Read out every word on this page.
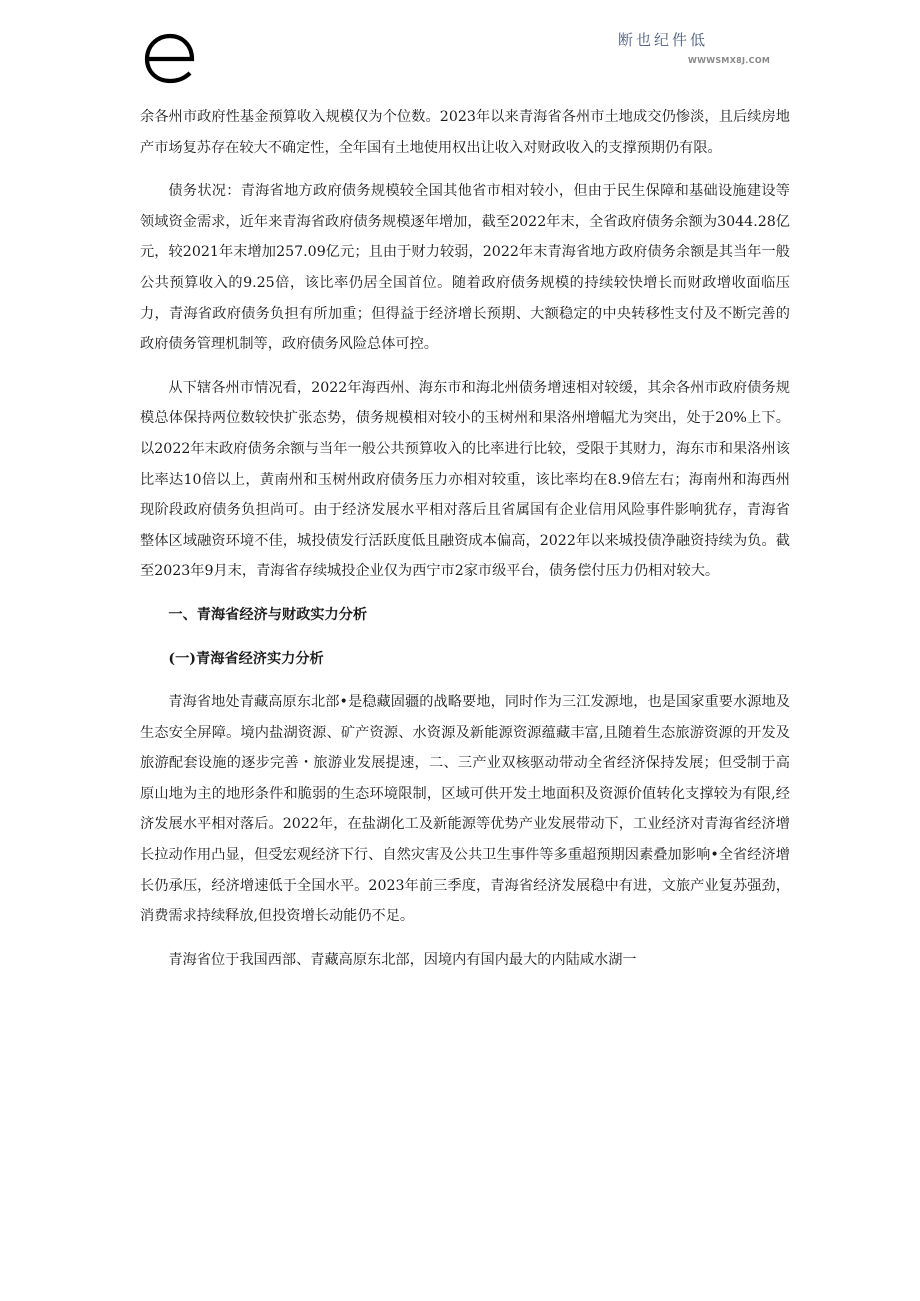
断也纪件低
WWWSMX8J.COM

余各州市政府性基金预算收入规模仅为个位数。2023年以来青海省各州市土地成交仍惨淡，且后续房地产市场复苏存在较大不确定性，全年国有土地使用权出让收入对财政收入的支撑预期仍有限。

债务状况：青海省地方政府债务规模较全国其他省市相对较小，但由于民生保障和基础设施建设等领域资金需求，近年来青海省政府债务规模逐年增加，截至2022年末，全省政府债务余额为3044.28亿元，较2021年末增加257.09亿元；且由于财力较弱，2022年末青海省地方政府债务余额是其当年一般公共预算收入的9.25倍，该比率仍居全国首位。随着政府债务规模的持续较快增长而财政增收面临压力，青海省政府债务负担有所加重；但得益于经济增长预期、大额稳定的中央转移性支付及不断完善的政府债务管理机制等，政府债务风险总体可控。

从下辖各州市情况看，2022年海西州、海东市和海北州债务增速相对较缓，其余各州市政府债务规模总体保持两位数较快扩张态势，债务规模相对较小的玉树州和果洛州增幅尤为突出，处于20%上下。以2022年末政府债务余额与当年一般公共预算收入的比率进行比较，受限于其财力，海东市和果洛州该比率达10倍以上，黄南州和玉树州政府债务压力亦相对较重，该比率均在8.9倍左右；海南州和海西州现阶段政府债务负担尚可。由于经济发展水平相对落后且省属国有企业信用风险事件影响犹存，青海省整体区域融资环境不佳，城投债发行活跃度低且融资成本偏高，2022年以来城投债净融资持续为负。截至2023年9月末，青海省存续城投企业仅为西宁市2家市级平台，债务偿付压力仍相对较大。

一、青海省经济与财政实力分析
(一)青海省经济实力分析

青海省地处青藏高原东北部•是稳藏固疆的战略要地，同时作为三江发源地，也是国家重要水源地及生态安全屏障。境内盐湖资源、矿产资源、水资源及新能源资源蕴藏丰富,且随着生态旅游资源的开发及旅游配套设施的逐步完善・旅游业发展提速，二、三产业双核驱动带动全省经济保持发展；但受制于高原山地为主的地形条件和脆弱的生态环境限制，区域可供开发土地面积及资源价值转化支撑较为有限,经济发展水平相对落后。2022年，在盐湖化工及新能源等优势产业发展带动下，工业经济对青海省经济增长拉动作用凸显，但受宏观经济下行、自然灾害及公共卫生事件等多重超预期因素叠加影响•全省经济增长仍承压，经济增速低于全国水平。2023年前三季度，青海省经济发展稳中有进，文旅产业复苏强劲，消费需求持续释放,但投资增长动能仍不足。

青海省位于我国西部、青藏高原东北部，因境内有国内最大的内陆咸水湖一
